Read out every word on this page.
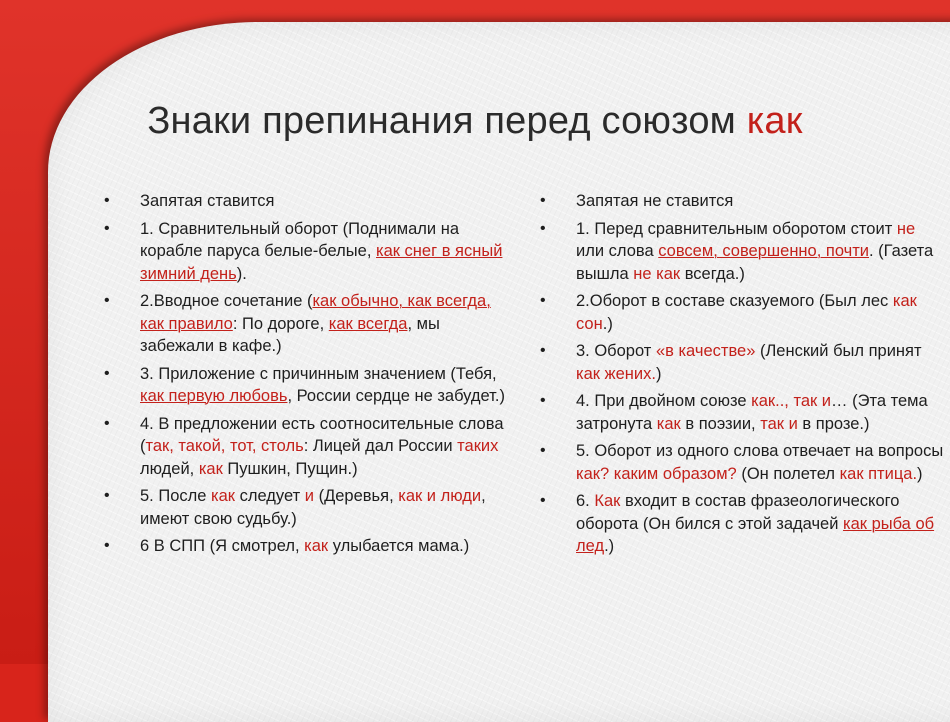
Знаки препинания перед союзом как
• Запятая ставится
• 1. Сравнительный оборот (Поднимали на корабле паруса белые-белые, как снег в ясный зимний день).
• 2.Вводное сочетание (как обычно, как всегда, как правило: По дороге, как всегда, мы забежали в кафе.)
• 3. Приложение с причинным значением (Тебя, как первую любовь, России сердце не забудет.)
• 4. В предложении есть соотносительные слова (так, такой, тот, столь: Лицей дал России таких людей, как Пушкин, Пущин.)
• 5. После как следует и (Деревья, как и люди, имеют свою судьбу.)
• 6 В СПП (Я смотрел, как улыбается мама.)
• Запятая не ставится
• 1. Перед сравнительным оборотом стоит не или слова совсем, совершенно, почти. (Газета вышла не как всегда.)
• 2.Оборот в составе сказуемого (Был лес как сон.)
• 3. Оборот «в качестве» (Ленский был принят как жених.)
• 4. При двойном союзе как.., так и… (Эта тема затронута как в поэзии, так и в прозе.)
• 5. Оборот из одного слова отвечает на вопросы как? каким образом? (Он полетел как птица.)
• 6. Как входит в состав фразеологического оборота (Он бился с этой задачей как рыба об лед.)
